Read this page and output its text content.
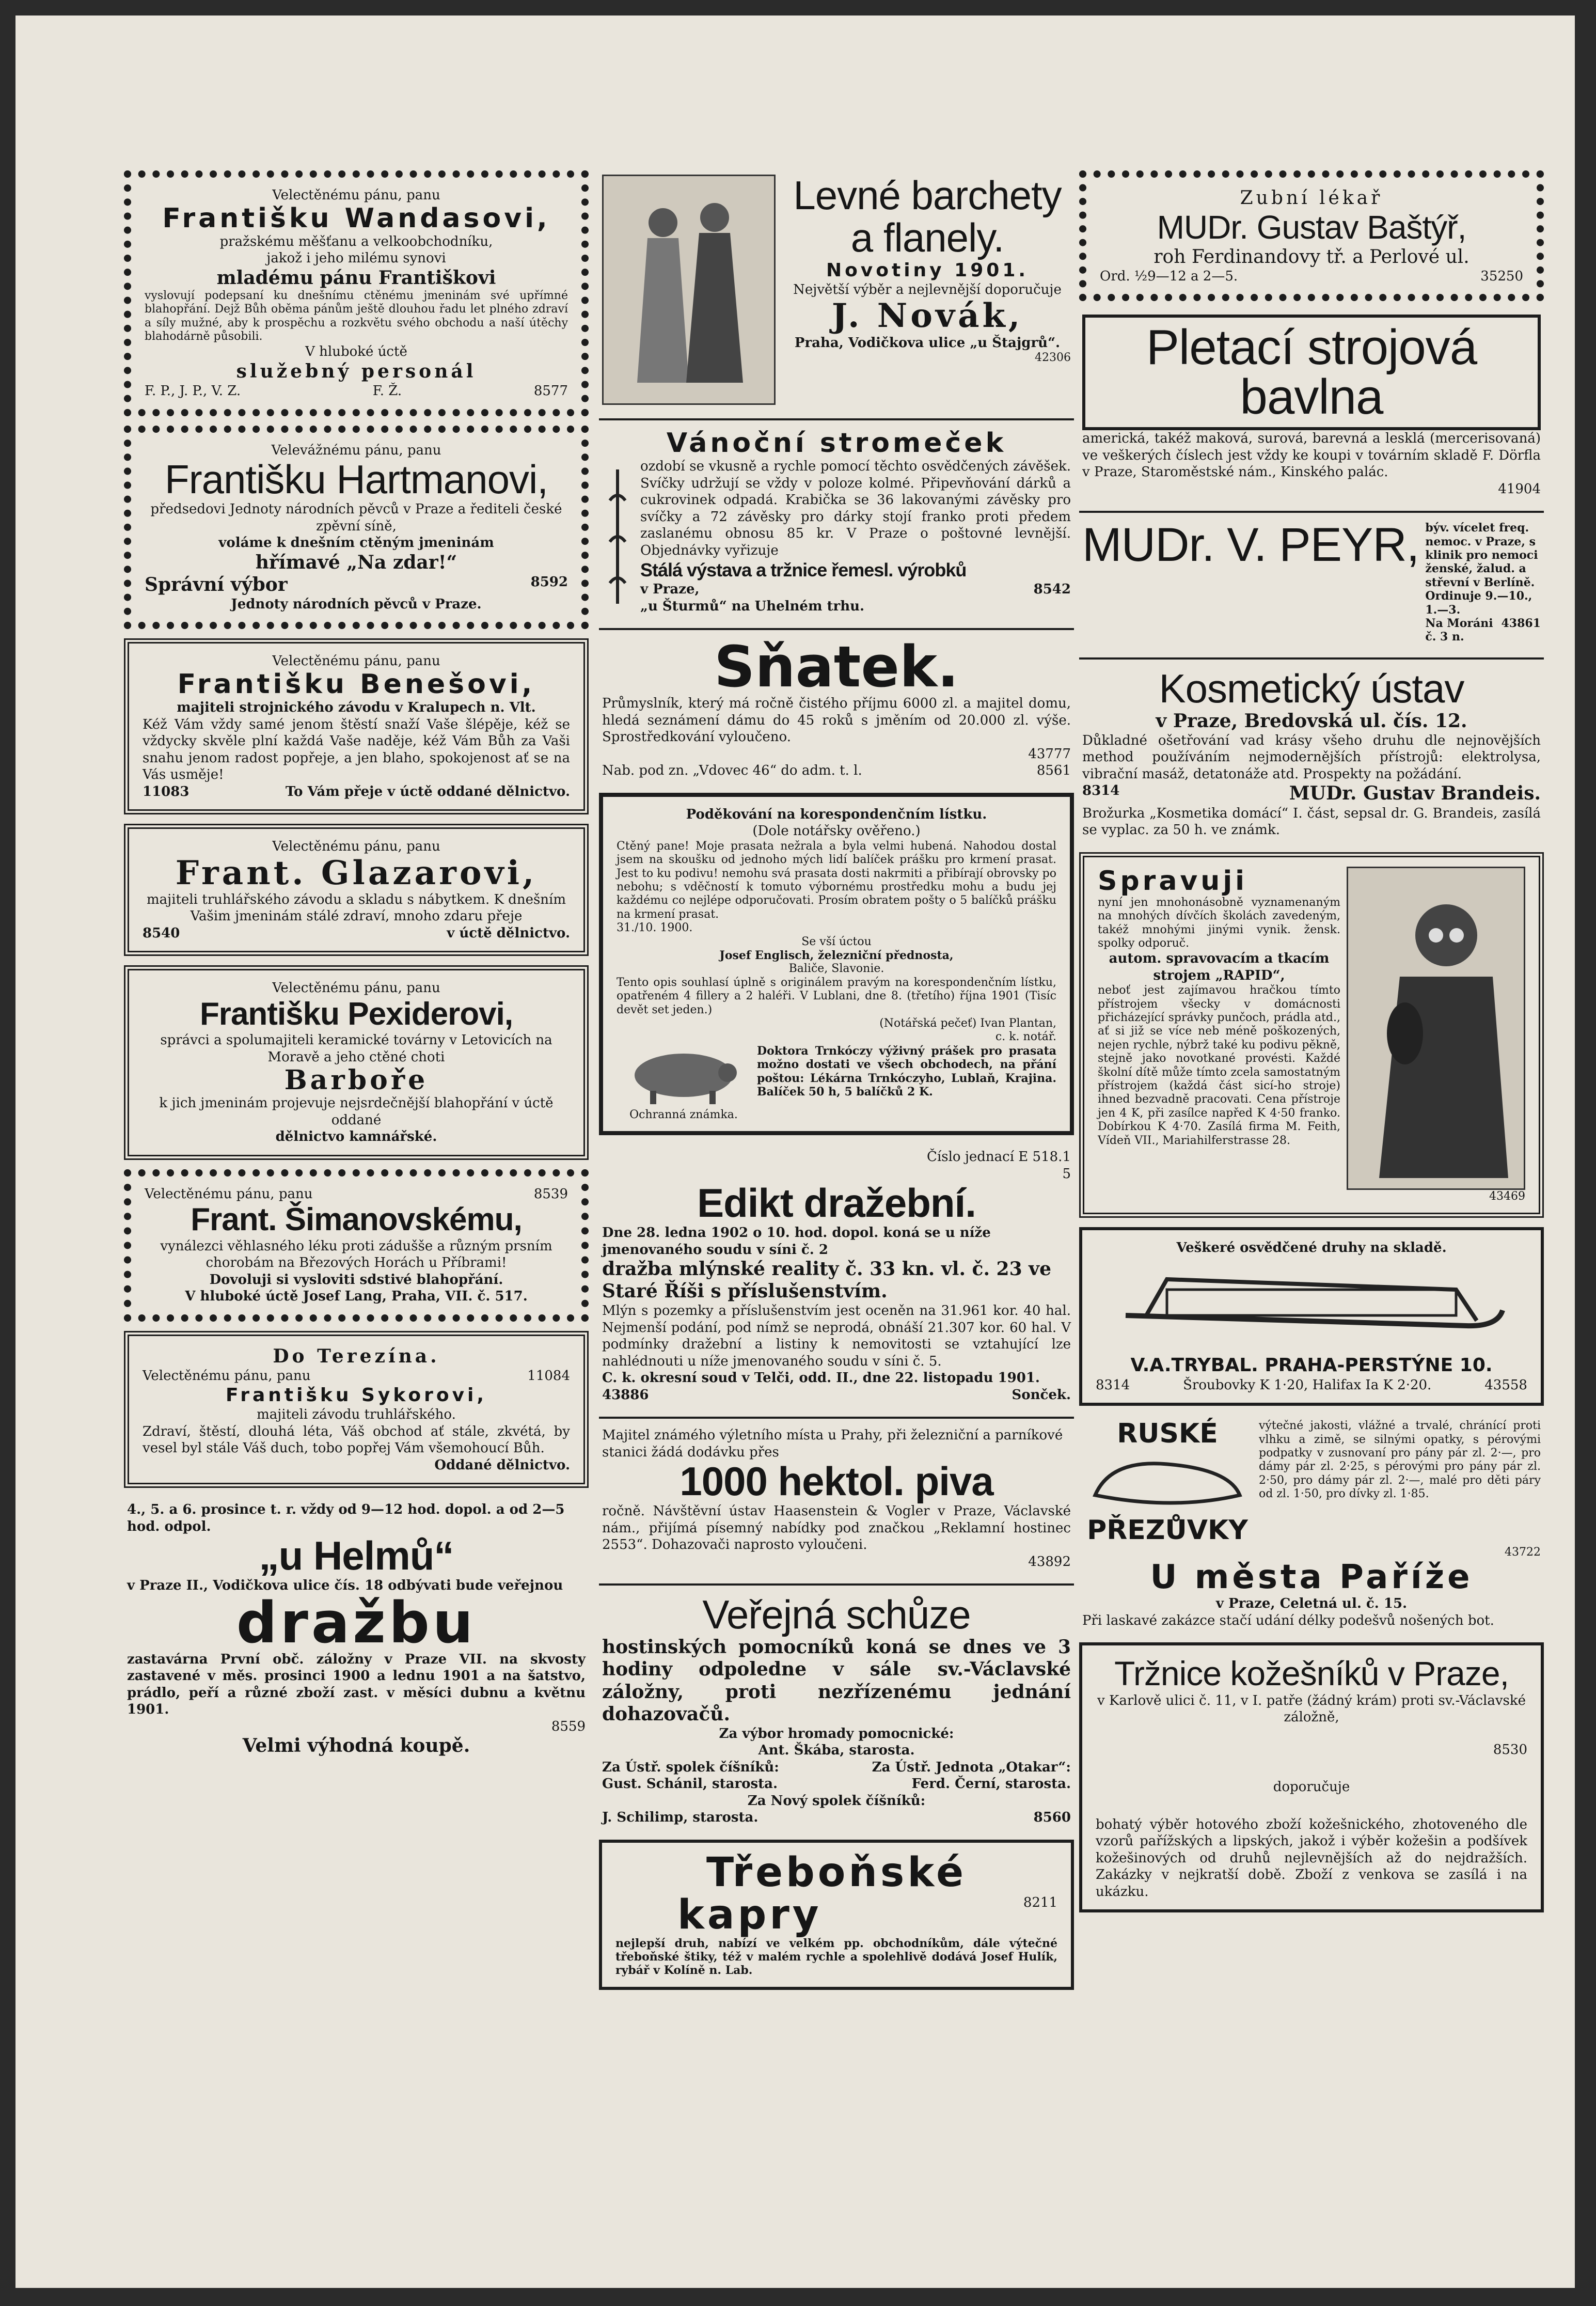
Velectěnému pánu, panu
Františku Wandasovi,
pražskému měšťanu a velkoobchodníku,
jakož i jeho milému synovi
mladému pánu Františkovi
vyslovují podepsaní ku dnešnímu ctěnému jmeninám své upřímné blahopřání. Dejž Bůh oběma pánům ještě dlouhou řadu let plného zdraví a síly mužné, aby k prospěchu a rozkvětu svého obchodu a naší útěchy blahodárně působili.
V hluboké úctě
služebný personál
F. P., J. P., V. Z.	F. Ž.	8577
Velevážnému pánu, panu
Františku Hartmanovi,
předsedovi Jednoty národních pěvců v Praze a řediteli české zpěvní síně,
voláme k dnešním ctěným jmeninám
hřímavé „Na zdar!“
Správní výbor	8592
Jednoty národních pěvců v Praze.
Velectěnému pánu, panu
Františku Benešovi,
majiteli strojnického závodu v Kralupech n. Vlt.
Kéž Vám vždy samé jenom štěstí snaží Vaše šlépěje, kéž se vždycky skvěle plní každá Vaše naděje, kéž Vám Bůh za Vaši snahu jenom radost popřeje, a jen blaho, spokojenost ať se na Vás usměje!
11083	To Vám přeje v úctě oddané dělnictvo.
Velectěnému pánu, panu
Frant. Glazarovi,
majiteli truhlářského závodu a skladu s nábytkem. K dnešním Vašim jmeninám stálé zdraví, mnoho zdaru přeje
8540	v úctě dělnictvo.
Velectěnému pánu, panu
Františku Pexiderovi,
správci a spolumajiteli keramické továrny v Letovicích na Moravě a jeho ctěné choti
Barboře
k jich jmeninám projevuje nejsrdečnější blahopřání v úctě oddané
dělnictvo kamnářské.
Velectěnému pánu, panu	8539
Frant. Šimanovskému,
vynálezci věhlasného léku proti zádušše a různým prsním chorobám na Březových Horách u Příbrami!
Dovoluji si vysloviti sdstivé blahopřání.
V hluboké úctě Josef Lang, Praha, VII. č. 517.
Do Terezína.
Velectěnému pánu, panu	11084
Františku Sykorovi,
majiteli závodu truhlářského.
Zdraví, štěstí, dlouhá léta, Váš obchod ať stále, zkvétá, by vesel byl stále Váš duch, tobo popřej Vám všemohoucí Bůh.
Oddané dělnictvo.
4., 5. a 6. prosince t. r. vždy od 9—12 hod. dopol. a od 2—5 hod. odpol.
„u Helmů“
v Praze II., Vodičkova ulice čís. 18 odbývati bude veřejnou
dražbu
zastavárna První obč. záložny v Praze VII. na skvosty zastavené v měs. prosinci 1900 a lednu 1901 a na šatstvo, prádlo, peří a různé zboží zast. v měsíci dubnu a květnu 1901.
8559
Velmi výhodná koupě.
Levné barchety
a flanely.
Novotiny 1901.
Největší výběr a nejlevnější doporučuje
J. Novák,
Praha, Vodičkova ulice „u Štajgrů“.
42306
Vánoční stromeček
ozdobí se vkusně a rychle pomocí těchto osvědčených závěšek. Svíčky udržují se vždy v poloze kolmé. Připevňování dárků a cukrovinek odpadá. Krabička se 36 lakovanými závěsky pro svíčky a 72 závěsky pro dárky stojí franko proti předem zaslanému obnosu 85 kr. V Praze o poštovné levnější. Objednávky vyřizuje
Stálá výstava a tržnice řemesl. výrobků
v Praze,	8542
„u Šturmů“ na Uhelném trhu.
Sňatek.
Průmyslník, který má ročně čistého příjmu 6000 zl. a majitel domu, hledá seznámení dámu do 45 roků s jměním od 20.000 zl. výše. Sprostředkování vyloučeno.
43777
Nab. pod zn. „Vdovec 46“ do adm. t. l.	8561
Poděkování na korespondenčním lístku.
(Dole notářsky ověřeno.)
Ctěný pane! Moje prasata nežrala a byla velmi hubená. Nahodou dostal jsem na skoušku od jednoho mých lidí balíček prášku pro krmení prasat. Jest to ku podivu! nemohu svá prasata dosti nakrmiti a přibírají obrovsky po nebohu; s vděčností k tomuto výbornému prostředku mohu a budu jej každému co nejlépe odporučovati. Prosím obratem pošty o 5 balíčků prášku na krmení prasat.
31./10. 1900.
Se vší úctou
Josef Englisch, železniční přednosta,
Baliče, Slavonie.
Tento opis souhlasí úplně s originálem pravým na korespondenčním lístku, opatřeném 4 fillery a 2 haléři. V Lublani, dne 8. (třetího) října 1901 (Tisíc devět set jeden.)
(Notářská pečeť) Ivan Plantan,
c. k. notář.
Ochranná známka.
Doktora Trnkóczy výživný prášek pro prasata možno dostati ve všech obchodech, na přání poštou: Lékárna Trnkóczyho, Lublaň, Krajina. Balíček 50 h, 5 balíčků 2 K.
Číslo jednací E 518.1
5
Edikt dražební.
Dne 28. ledna 1902 o 10. hod. dopol. koná se u níže jmenovaného soudu v síni č. 2
dražba mlýnské reality č. 33 kn. vl. č. 23 ve Staré Říši s příslušenstvím.
Mlýn s pozemky a příslušenstvím jest oceněn na 31.961 kor. 40 hal. Nejmenší podání, pod nímž se neprodá, obnáší 21.307 kor. 60 hal. V podmínky dražební a listiny k nemovitosti se vztahující lze nahlédnouti u níže jmenovaného soudu v síni č. 5.
C. k. okresní soud v Telči, odd. II., dne 22. listopadu 1901.
43886	Sonček.
Majitel známého výletního místa u Prahy, při železniční a parníkové stanici žádá dodávku přes
1000 hektol. piva
ročně. Návštěvní ústav Haasenstein & Vogler v Praze, Václavské nám., přijímá písemný nabídky pod značkou „Reklamní hostinec 2553“. Dohazovači naprosto vyloučeni.
43892
Veřejná schůze
hostinských pomocníků koná se dnes ve 3 hodiny odpoledne v sále sv.-Václavské záložny, proti nezřízenému jednání dohazovačů.
Za výbor hromady pomocnické:
Ant. Škába, starosta.
Za Ústř. spolek číšníků:	Za Ústř. Jednota „Otakar“:
Gust. Schánil, starosta.	Ferd. Černí, starosta.
Za Nový spolek číšníků:
J. Schilimp, starosta.	8560
Třeboňské
kapry	8211
nejlepší druh, nabízí ve velkém pp. obchodníkům, dále výtečné třeboňské štiky, též v malém rychle a spolehlivě dodává Josef Hulík, rybář v Kolíně n. Lab.
Zubní lékař
MUDr. Gustav Baštýř,
roh Ferdinandovy tř. a Perlové ul.
Ord. ½9—12 a 2—5.	35250
Pletací strojová bavlna
americká, takéž maková, surová, barevná a lesklá (mercerisovaná) ve veškerých číslech jest vždy ke koupi v továrním skladě F. Dörfla v Praze, Staroměstské nám., Kinského palác.
41904
MUDr. V. PEYR, býv. vícelet freq. nemoc. v Praze, s klinik pro nemoci ženské, žalud. a střevní v Berlíně. Ordinuje 9.—10., 1.—3.
Na Moráni č. 3 n.
43861
Kosmetický ústav
v Praze, Bredovská ul. čís. 12.
Důkladné ošetřování vad krásy všeho druhu dle nejnovějších method používáním nejmodernějších přístrojů: elektrolysa, vibrační masáž, detatonáže atd. Prospekty na požádání.
8314	MUDr. Gustav Brandeis.
Brožurka „Kosmetika domácí“ I. část, sepsal dr. G. Brandeis, zasílá se vyplac. za 50 h. ve známk.
Spravuji
nyní jen mnohonásobně vyznamenaným na mnohých dívčích školách zavedeným, takéž mnohými jinými vynik. žensk. spolky odporuč.
autom. spravovacím a tkacím strojem „RAPID“,
neboť jest zajímavou hračkou tímto přístrojem všecky v domácnosti přicházející správky punčoch, prádla atd., ať si již se více neb méně poškozených, nejen rychle, nýbrž také ku podivu pěkně, stejně jako novotkané provésti. Každé školní dítě může tímto zcela samostatným přístrojem (každá část sicí-ho stroje) ihned bezvadně pracovati. Cena přístroje jen 4 K, při zasílce napřed K 4·50 franko. Dobírkou K 4·70. Zasílá firma M. Feith, Vídeň VII., Mariahilferstrasse 28.
43469
Veškeré osvědčené druhy na skladě.
V.A.TRYBAL. PRAHA-PERSTÝNE 10.
8314	Šroubovky K 1·20, Halifax Ia K 2·20.	43558
RUSKÉ
PŘEZŮVKY
výtečné jakosti, vlážné a trvalé, chránící proti vlhku a zimě, se silnými opatky, s pérovými podpatky v zusnovaní pro pány pár zl. 2·—, pro dámy pár zl. 2·25, s pérovými pro pány pár zl. 2·50, pro dámy pár zl. 2·—, malé pro děti páry od zl. 1·50, pro dívky zl. 1·85.
43722
U města Paříže
v Praze, Celetná ul. č. 15.
Při laskavé zakázce stačí udání délky podešvů nošených bot.
Tržnice kožešníků v Praze,
v Karlově ulici č. 11, v I. patře (žádný krám) proti sv.-Václavské záložně,
8530
doporučuje
bohatý výběr hotového zboží kožešnického, zhotoveného dle vzorů pařížských a lipských, jakož i výběr kožešin a podšívek kožešinových od druhů nejlevnějších až do nejdražších. Zakázky v nejkratší době. Zboží z venkova se zasílá i na ukázku.
